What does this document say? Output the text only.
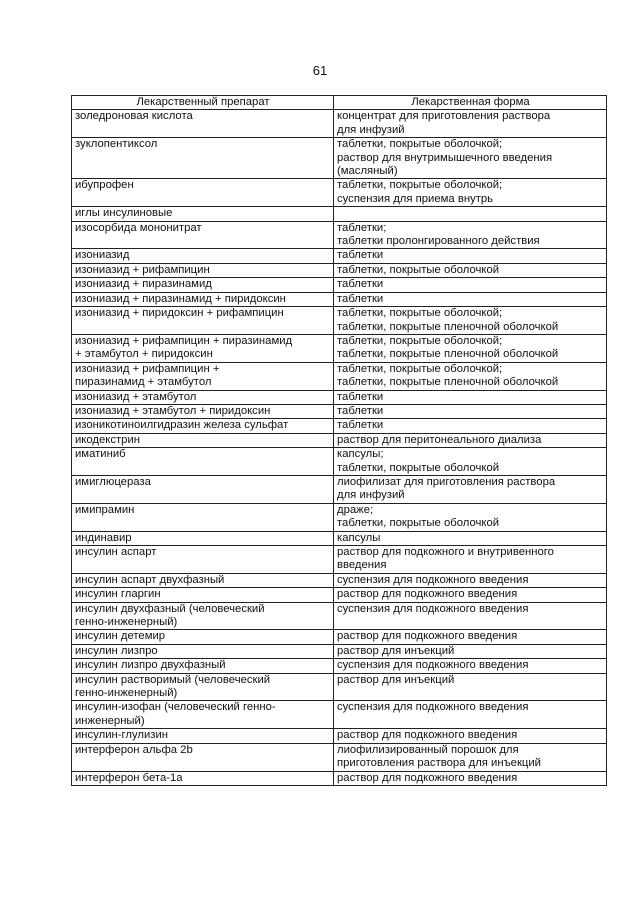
61
Лекарственный препарат	Лекарственная форма
золедроновая кислота	концентрат для приготовления раствора
для инфузий
зуклопентиксол	таблетки, покрытые оболочкой;
раствор для внутримышечного введения
(масляный)
ибупрофен	таблетки, покрытые оболочкой;
суспензия для приема внутрь
иглы инсулиновые	
изосорбида мононитрат	таблетки;
таблетки пролонгированного действия
изониазид	таблетки
изониазид + рифампицин	таблетки, покрытые оболочкой
изониазид + пиразинамид	таблетки
изониазид + пиразинамид + пиридоксин	таблетки
изониазид + пиридоксин + рифампицин	таблетки, покрытые оболочкой;
таблетки, покрытые пленочной оболочкой
изониазид + рифампицин + пиразинамид
+ этамбутол + пиридоксин	таблетки, покрытые оболочкой;
таблетки, покрытые пленочной оболочкой
изониазид + рифампицин +
пиразинамид + этамбутол	таблетки, покрытые оболочкой;
таблетки, покрытые пленочной оболочкой
изониазид + этамбутол	таблетки
изониазид + этамбутол + пиридоксин	таблетки
изоникотиноилгидразин железа сульфат	таблетки
икодекстрин	раствор для перитонеального диализа
иматиниб	капсулы;
таблетки, покрытые оболочкой
имиглюцераза	лиофилизат для приготовления раствора
для инфузий
имипрамин	драже;
таблетки, покрытые оболочкой
индинавир	капсулы
инсулин аспарт	раствор для подкожного и внутривенного
введения
инсулин аспарт двухфазный	суспензия для подкожного введения
инсулин гларгин	раствор для подкожного введения
инсулин двухфазный (человеческий
генно-инженерный)	суспензия для подкожного введения
инсулин детемир	раствор для подкожного введения
инсулин лизпро	раствор для инъекций
инсулин лизпро двухфазный	суспензия для подкожного введения
инсулин растворимый (человеческий
генно-инженерный)	раствор для инъекций
инсулин-изофан (человеческий генно-
инженерный)	суспензия для подкожного введения
инсулин-глулизин	раствор для подкожного введения
интерферон альфа 2b	лиофилизированный порошок для
приготовления раствора для инъекций
интерферон бета-1а	раствор для подкожного введения
